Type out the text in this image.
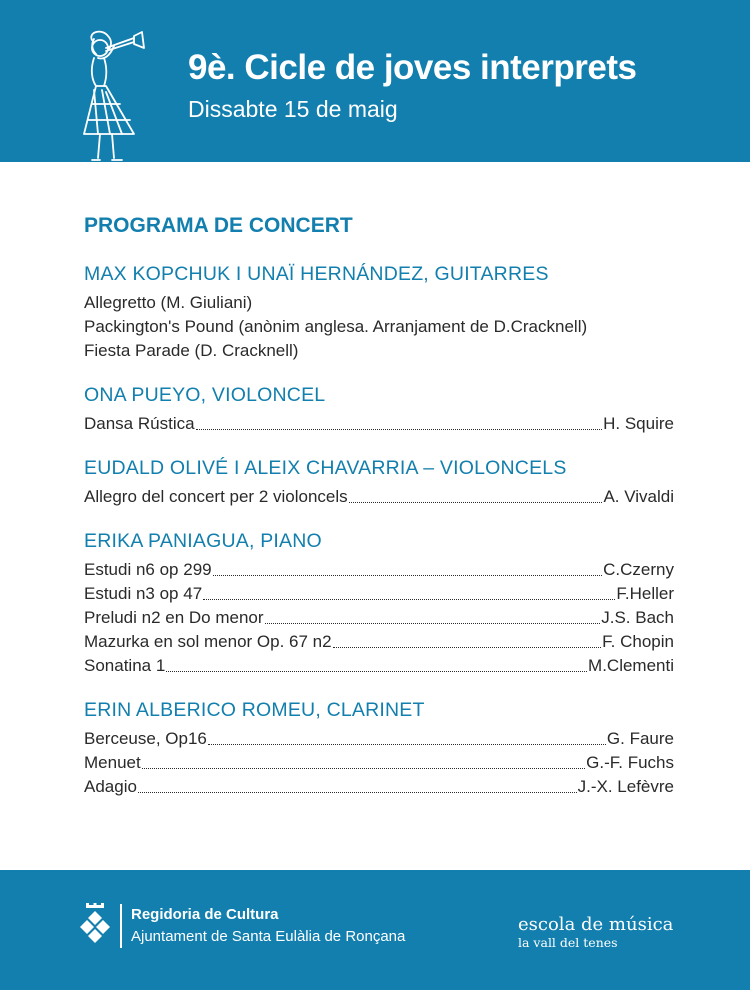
9è. Cicle de joves interprets
Dissabte 15 de maig
PROGRAMA DE CONCERT
MAX KOPCHUK I UNAÏ HERNÁNDEZ, GUITARRES
Allegretto (M. Giuliani)
Packington's Pound (anònim anglesa. Arranjament de D.Cracknell)
Fiesta Parade (D. Cracknell)
ONA PUEYO, VIOLONCEL
Dansa Rústica	H. Squire
EUDALD OLIVÉ I ALEIX CHAVARRIA – VIOLONCELS
Allegro del concert per 2 violoncels	A. Vivaldi
ERIKA PANIAGUA, PIANO
Estudi n6 op 299	C.Czerny
Estudi n3 op 47	F.Heller
Preludi n2 en Do menor	J.S. Bach
Mazurka en sol menor Op. 67 n2	F. Chopin
Sonatina 1	M.Clementi
ERIN ALBERICO ROMEU, CLARINET
Berceuse, Op16	G. Faure
Menuet	G.-F. Fuchs
Adagio	J.-X. Lefèvre
Regidoria de Cultura
Ajuntament de Santa Eulàlia de Ronçana
escola de música
la vall del tenes
